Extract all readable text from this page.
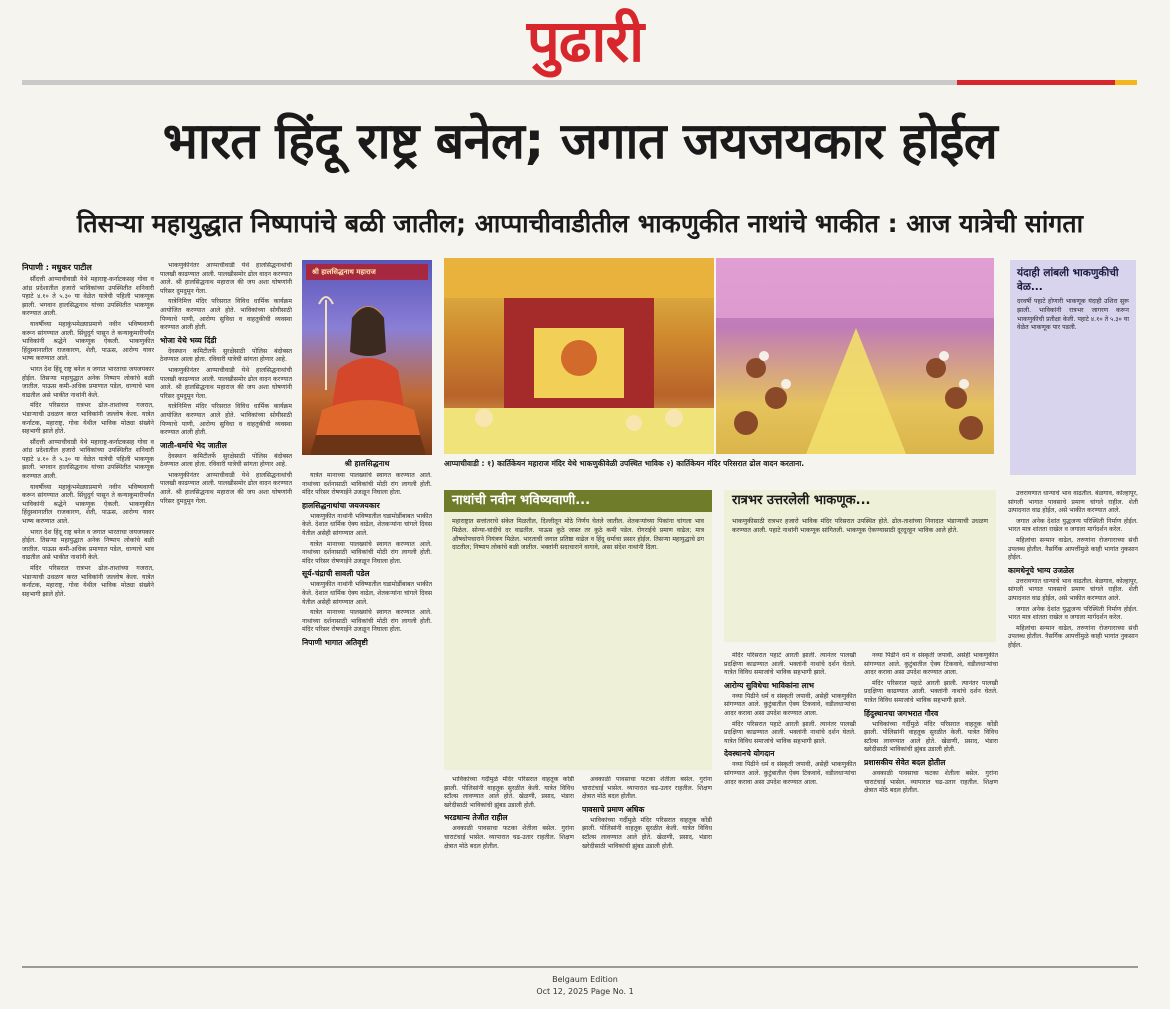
पुढारी
भारत हिंदू राष्ट्र बनेल; जगात जयजयकार होईल
तिसऱ्या महायुद्धात निष्पापांचे बळी जातील; आप्पाचीवाडीतील भाकणुकीत नाथांचे भाकीत : आज यात्रेची सांगता

निपाणी : मधुकर पाटील

सौंदत्ती आप्पाचीवाडी येथे महाराष्ट्र-कर्नाटकसह गोवा व आंध्र प्रदेशातील हजारो भाविकांच्या उपस्थितीत शनिवारी पहाटे ४.१० ते ५.३० या वेळेत यात्रेची पहिली भाकणूक झाली. भगवान हालसिद्धनाथ यांच्या उपस्थितीत भाकणूक करण्यात आली.

यावर्षीच्या महाकुंभमेळ्याप्रमाणे नवीन भविष्यवाणी करून सांगण्यात आली. सिंधुदुर्ग पासून ते कन्याकुमारीपर्यंत भाविकांनी श्रद्धेने भाकणूक ऐकली. भाकणुकीत हिंदुस्थानातील राजकारण, शेती, पाऊस, आरोग्य यावर भाष्य करण्यात आले.

भारत देश हिंदू राष्ट्र बनेल व जगात भारताचा जयजयकार होईल. तिसऱ्या महायुद्धात अनेक निष्पाप लोकांचे बळी जातील. पाऊस कमी-अधिक प्रमाणात पडेल, धान्याचे भाव वाढतील असे भाकीत नाथांनी केले.

मंदिर परिसरात रात्रभर ढोल-ताशांच्या गजरात, भंडाऱ्याची उधळण करत भाविकांनी जल्लोष केला. यात्रेत कर्नाटक, महाराष्ट्र, गोवा येथील भाविक मोठ्या संख्येने सहभागी झाले होते.

सौंदत्ती आप्पाचीवाडी येथे महाराष्ट्र-कर्नाटकसह गोवा व आंध्र प्रदेशातील हजारो भाविकांच्या उपस्थितीत शनिवारी पहाटे ४.१० ते ५.३० या वेळेत यात्रेची पहिली भाकणूक झाली. भगवान हालसिद्धनाथ यांच्या उपस्थितीत भाकणूक करण्यात आली.

यावर्षीच्या महाकुंभमेळ्याप्रमाणे नवीन भविष्यवाणी करून सांगण्यात आली. सिंधुदुर्ग पासून ते कन्याकुमारीपर्यंत भाविकांनी श्रद्धेने भाकणूक ऐकली. भाकणुकीत हिंदुस्थानातील राजकारण, शेती, पाऊस, आरोग्य यावर भाष्य करण्यात आले.

भारत देश हिंदू राष्ट्र बनेल व जगात भारताचा जयजयकार होईल. तिसऱ्या महायुद्धात अनेक निष्पाप लोकांचे बळी जातील. पाऊस कमी-अधिक प्रमाणात पडेल, धान्याचे भाव वाढतील असे भाकीत नाथांनी केले.

मंदिर परिसरात रात्रभर ढोल-ताशांच्या गजरात, भंडाऱ्याची उधळण करत भाविकांनी जल्लोष केला. यात्रेत कर्नाटक, महाराष्ट्र, गोवा येथील भाविक मोठ्या संख्येने सहभागी झाले होते.

भाकणुकीनंतर आप्पाचीवाडी येथे हालसिद्धनाथांची पालखी काढण्यात आली. पालखीसमोर ढोल वादन करण्यात आले. श्री हालसिद्धनाथ महाराज की जय अशा घोषणांनी परिसर दुमदुमून गेला.

यात्रेनिमित्त मंदिर परिसरात विविध धार्मिक कार्यक्रम आयोजित करण्यात आले होते. भाविकांच्या सोयीसाठी पिण्याचे पाणी, आरोग्य सुविधा व वाहतुकीची व्यवस्था करण्यात आली होती.

भोजा येथे भव्य दिंडी

देवस्थान कमिटीतर्फे सुरक्षेसाठी पोलिस बंदोबस्त ठेवण्यात आला होता. रविवारी यात्रेची सांगता होणार आहे.

भाकणुकीनंतर आप्पाचीवाडी येथे हालसिद्धनाथांची पालखी काढण्यात आली. पालखीसमोर ढोल वादन करण्यात आले. श्री हालसिद्धनाथ महाराज की जय अशा घोषणांनी परिसर दुमदुमून गेला.

यात्रेनिमित्त मंदिर परिसरात विविध धार्मिक कार्यक्रम आयोजित करण्यात आले होते. भाविकांच्या सोयीसाठी पिण्याचे पाणी, आरोग्य सुविधा व वाहतुकीची व्यवस्था करण्यात आली होती.

जाती-धर्माचे भेद जातील

देवस्थान कमिटीतर्फे सुरक्षेसाठी पोलिस बंदोबस्त ठेवण्यात आला होता. रविवारी यात्रेची सांगता होणार आहे.

भाकणुकीनंतर आप्पाचीवाडी येथे हालसिद्धनाथांची पालखी काढण्यात आली. पालखीसमोर ढोल वादन करण्यात आले. श्री हालसिद्धनाथ महाराज की जय अशा घोषणांनी परिसर दुमदुमून गेला.

श्री हालसिद्धनाथ महाराज
श्री हालसिद्धनाथ

यात्रेत मानाच्या पालख्यांचे स्वागत करण्यात आले. नाथांच्या दर्शनासाठी भाविकांची मोठी रांग लागली होती. मंदिर परिसर रोषणाईने उजळून निघाला होता.

हालसिद्धनाथांचा जयजयकार

भाकणुकीत नाथांनी भविष्यातील घडामोडींबाबत भाकीत केले. देशात धार्मिक ऐक्य वाढेल, शेतकऱ्यांना चांगले दिवस येतील असेही सांगण्यात आले.

यात्रेत मानाच्या पालख्यांचे स्वागत करण्यात आले. नाथांच्या दर्शनासाठी भाविकांची मोठी रांग लागली होती. मंदिर परिसर रोषणाईने उजळून निघाला होता.

सूर्य-चंद्राची सावली पडेल

भाकणुकीत नाथांनी भविष्यातील घडामोडींबाबत भाकीत केले. देशात धार्मिक ऐक्य वाढेल, शेतकऱ्यांना चांगले दिवस येतील असेही सांगण्यात आले.

यात्रेत मानाच्या पालख्यांचे स्वागत करण्यात आले. नाथांच्या दर्शनासाठी भाविकांची मोठी रांग लागली होती. मंदिर परिसर रोषणाईने उजळून निघाला होता.

निपाणी भागात अतिवृष्टी

आप्पाचीवाडी : १) कार्तिकेयन महाराज मंदिर येथे भाकणुकीवेळी उपस्थित भाविक २) कार्तिकेयन मंदिर परिसरात ढोल वादन करताना.
यंदाही लांबली भाकणुकीची वेळ...
दरवर्षी पहाटे होणारी भाकणूक यंदाही उशिरा सुरू झाली. भाविकांनी रात्रभर जागरण करून भाकणुकीची प्रतीक्षा केली. पहाटे ४.१० ते ५.३० या वेळेत भाकणूक पार पडली.
नाथांची नवीन भविष्यवाणी...
महाराष्ट्रात सत्तांतराचे संकेत मिळतील, दिल्लीतून मोठे निर्णय घेतले जातील. शेतकऱ्यांच्या पिकांना चांगला भाव मिळेल. सोन्या-चांदीचे दर वाढतील. पाऊस कुठे जास्त तर कुठे कमी पडेल. रोगराईचे प्रमाण वाढेल; मात्र औषधोपचाराने नियंत्रण मिळेल. भारताची जगात प्रतिष्ठा वाढेल व हिंदू धर्माचा प्रसार होईल. तिसऱ्या महायुद्धाचे ढग दाटतील; निष्पाप लोकांचे बळी जातील. भक्तांनी सदाचाराने वागावे, असा संदेश नाथांनी दिला.
रात्रभर उत्तरलेली भाकणूक...
भाकणुकीसाठी रात्रभर हजारो भाविक मंदिर परिसरात उपस्थित होते. ढोल-ताशांच्या निनादात भंडाऱ्याची उधळण करण्यात आली. पहाटे नाथांनी भाकणूक सांगितली. भाकणूक ऐकण्यासाठी दूरदूरहून भाविक आले होते.

उत्तरायणात धान्याचे भाव वाढतील. बेळगाव, कोल्हापूर, सांगली भागात पावसाचे प्रमाण चांगले राहील. शेती उत्पादनात वाढ होईल, असे भाकीत करण्यात आले.

जगात अनेक देशांत युद्धजन्य परिस्थिती निर्माण होईल. भारत मात्र शांतता राखेल व जगाला मार्गदर्शन करेल.

महिलांचा सन्मान वाढेल, तरुणांना रोजगाराच्या संधी उपलब्ध होतील. नैसर्गिक आपत्तींमुळे काही भागांत नुकसान होईल.

कामधेनूचे भाग्य उजळेल

उत्तरायणात धान्याचे भाव वाढतील. बेळगाव, कोल्हापूर, सांगली भागात पावसाचे प्रमाण चांगले राहील. शेती उत्पादनात वाढ होईल, असे भाकीत करण्यात आले.

जगात अनेक देशांत युद्धजन्य परिस्थिती निर्माण होईल. भारत मात्र शांतता राखेल व जगाला मार्गदर्शन करेल.

महिलांचा सन्मान वाढेल, तरुणांना रोजगाराच्या संधी उपलब्ध होतील. नैसर्गिक आपत्तींमुळे काही भागांत नुकसान होईल.

भाविकांच्या गर्दीमुळे मंदिर परिसरात वाहतूक कोंडी झाली. पोलिसांनी वाहतूक सुरळीत केली. यात्रेत विविध स्टॉल्स लावण्यात आले होते. खेळणी, प्रसाद, भंडारा खरेदीसाठी भाविकांची झुंबड उडाली होती.

भरडधान्य तेजीत राहील

अवकाळी पावसाचा फटका शेतीला बसेल. गुरांना चाराटंचाई भासेल. व्यापारात चढ-उतार राहतील. शिक्षण क्षेत्रात मोठे बदल होतील.

अवकाळी पावसाचा फटका शेतीला बसेल. गुरांना चाराटंचाई भासेल. व्यापारात चढ-उतार राहतील. शिक्षण क्षेत्रात मोठे बदल होतील.

पावसाचे प्रमाण अधिक

भाविकांच्या गर्दीमुळे मंदिर परिसरात वाहतूक कोंडी झाली. पोलिसांनी वाहतूक सुरळीत केली. यात्रेत विविध स्टॉल्स लावण्यात आले होते. खेळणी, प्रसाद, भंडारा खरेदीसाठी भाविकांची झुंबड उडाली होती.

मंदिर परिसरात पहाटे आरती झाली. त्यानंतर पालखी प्रदक्षिणा काढण्यात आली. भक्तांनी नाथांचे दर्शन घेतले. यात्रेत विविध समाजांचे भाविक सहभागी झाले.

आरोग्य सुविधेचा भाविकांना लाभ

नव्या पिढीने धर्म व संस्कृती जपावी, असेही भाकणुकीत सांगण्यात आले. कुटुंबातील ऐक्य टिकवावे, वडीलधाऱ्यांचा आदर करावा असा उपदेश करण्यात आला.

मंदिर परिसरात पहाटे आरती झाली. त्यानंतर पालखी प्रदक्षिणा काढण्यात आली. भक्तांनी नाथांचे दर्शन घेतले. यात्रेत विविध समाजांचे भाविक सहभागी झाले.

देवस्थानचे योगदान

नव्या पिढीने धर्म व संस्कृती जपावी, असेही भाकणुकीत सांगण्यात आले. कुटुंबातील ऐक्य टिकवावे, वडीलधाऱ्यांचा आदर करावा असा उपदेश करण्यात आला.

नव्या पिढीने धर्म व संस्कृती जपावी, असेही भाकणुकीत सांगण्यात आले. कुटुंबातील ऐक्य टिकवावे, वडीलधाऱ्यांचा आदर करावा असा उपदेश करण्यात आला.

मंदिर परिसरात पहाटे आरती झाली. त्यानंतर पालखी प्रदक्षिणा काढण्यात आली. भक्तांनी नाथांचे दर्शन घेतले. यात्रेत विविध समाजांचे भाविक सहभागी झाले.

हिंदुस्थानचा जगभरात गौरव

भाविकांच्या गर्दीमुळे मंदिर परिसरात वाहतूक कोंडी झाली. पोलिसांनी वाहतूक सुरळीत केली. यात्रेत विविध स्टॉल्स लावण्यात आले होते. खेळणी, प्रसाद, भंडारा खरेदीसाठी भाविकांची झुंबड उडाली होती.

प्रशासकीय सेवेत बदल होतील

अवकाळी पावसाचा फटका शेतीला बसेल. गुरांना चाराटंचाई भासेल. व्यापारात चढ-उतार राहतील. शिक्षण क्षेत्रात मोठे बदल होतील.

Belgaum Edition
Oct 12, 2025 Page No. 1
